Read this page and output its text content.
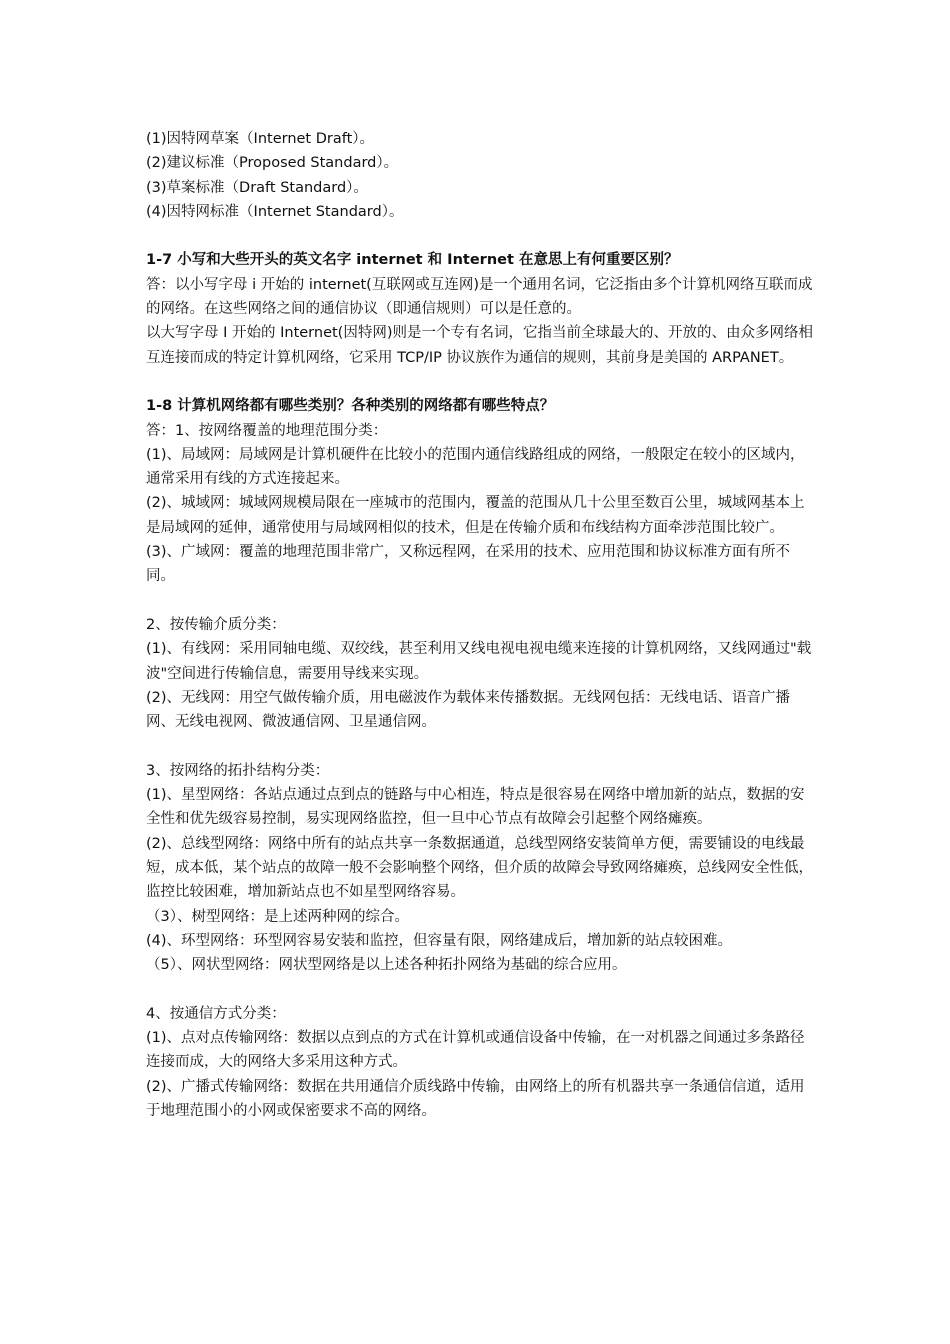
(1)因特网草案（Internet Draft）。
(2)建议标准（Proposed Standard）。
(3)草案标准（Draft Standard）。
(4)因特网标准（Internet Standard）。
1-7 小写和大些开头的英文名字 internet 和 Internet 在意思上有何重要区别？
答：以小写字母 i 开始的 internet(互联网或互连网)是一个通用名词，它泛指由多个计算机网络互联而成的网络。在这些网络之间的通信协议（即通信规则）可以是任意的。
以大写字母 I 开始的 Internet(因特网)则是一个专有名词，它指当前全球最大的、开放的、由众多网络相互连接而成的特定计算机网络，它采用 TCP/IP 协议族作为通信的规则，其前身是美国的 ARPANET。
1-8 计算机网络都有哪些类别？各种类别的网络都有哪些特点？
答：1、按网络覆盖的地理范围分类：
(1)、局域网：局域网是计算机硬件在比较小的范围内通信线路组成的网络，一般限定在较小的区域内，通常采用有线的方式连接起来。
(2)、城域网：城域网规模局限在一座城市的范围内，覆盖的范围从几十公里至数百公里，城域网基本上是局域网的延伸，通常使用与局域网相似的技术，但是在传输介质和布线结构方面牵涉范围比较广。
(3)、广域网：覆盖的地理范围非常广，又称远程网，在采用的技术、应用范围和协议标准方面有所不同。
2、按传输介质分类：
(1)、有线网：采用同轴电缆、双绞线，甚至利用又线电视电视电缆来连接的计算机网络，又线网通过"载波"空间进行传输信息，需要用导线来实现。
(2)、无线网：用空气做传输介质，用电磁波作为载体来传播数据。无线网包括：无线电话、语音广播网、无线电视网、微波通信网、卫星通信网。
3、按网络的拓扑结构分类：
(1)、星型网络：各站点通过点到点的链路与中心相连，特点是很容易在网络中增加新的站点，数据的安全性和优先级容易控制，易实现网络监控，但一旦中心节点有故障会引起整个网络瘫痪。
(2)、总线型网络：网络中所有的站点共享一条数据通道，总线型网络安装简单方便，需要铺设的电线最短，成本低，某个站点的故障一般不会影响整个网络，但介质的故障会导致网络瘫痪，总线网安全性低，监控比较困难，增加新站点也不如星型网络容易。
（3）、树型网络：是上述两种网的综合。
(4)、环型网络：环型网容易安装和监控，但容量有限，网络建成后，增加新的站点较困难。
（5）、网状型网络：网状型网络是以上述各种拓扑网络为基础的综合应用。
4、按通信方式分类：
(1)、点对点传输网络：数据以点到点的方式在计算机或通信设备中传输，在一对机器之间通过多条路径连接而成，大的网络大多采用这种方式。
(2)、广播式传输网络：数据在共用通信介质线路中传输，由网络上的所有机器共享一条通信信道，适用于地理范围小的小网或保密要求不高的网络。
